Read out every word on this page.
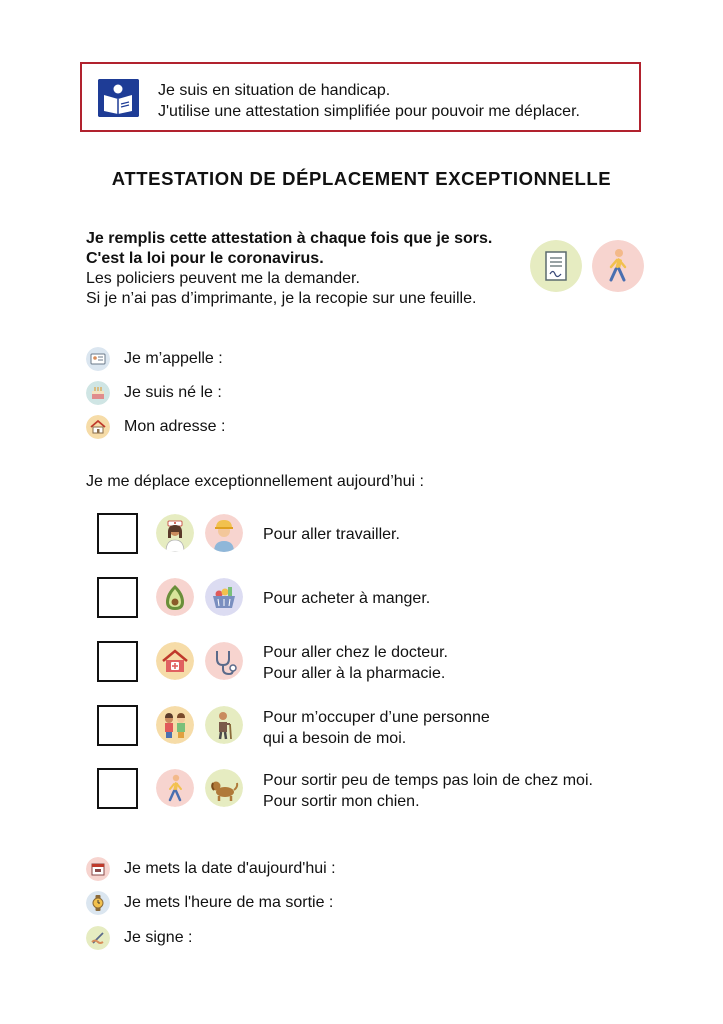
Je suis en situation de handicap.
J'utilise une attestation simplifiée pour pouvoir me déplacer.
ATTESTATION DE DÉPLACEMENT EXCEPTIONNELLE
Je remplis cette attestation à chaque fois que je sors.
C'est la loi pour le coronavirus.
Les policiers peuvent me la demander.
Si je n’ai pas d’imprimante, je la recopie sur une feuille.
Je m’appelle :
Je suis né le :
Mon adresse :
Je me déplace exceptionnellement aujourd’hui :
Pour aller travailler.
Pour acheter à manger.
Pour aller chez le docteur.
Pour aller à la pharmacie.
Pour m’occuper d’une personne
qui a besoin de moi.
Pour sortir peu de temps pas loin de chez moi.
Pour sortir mon chien.
Je mets la date d'aujourd'hui :
Je mets l'heure de ma sortie :
Je signe :
